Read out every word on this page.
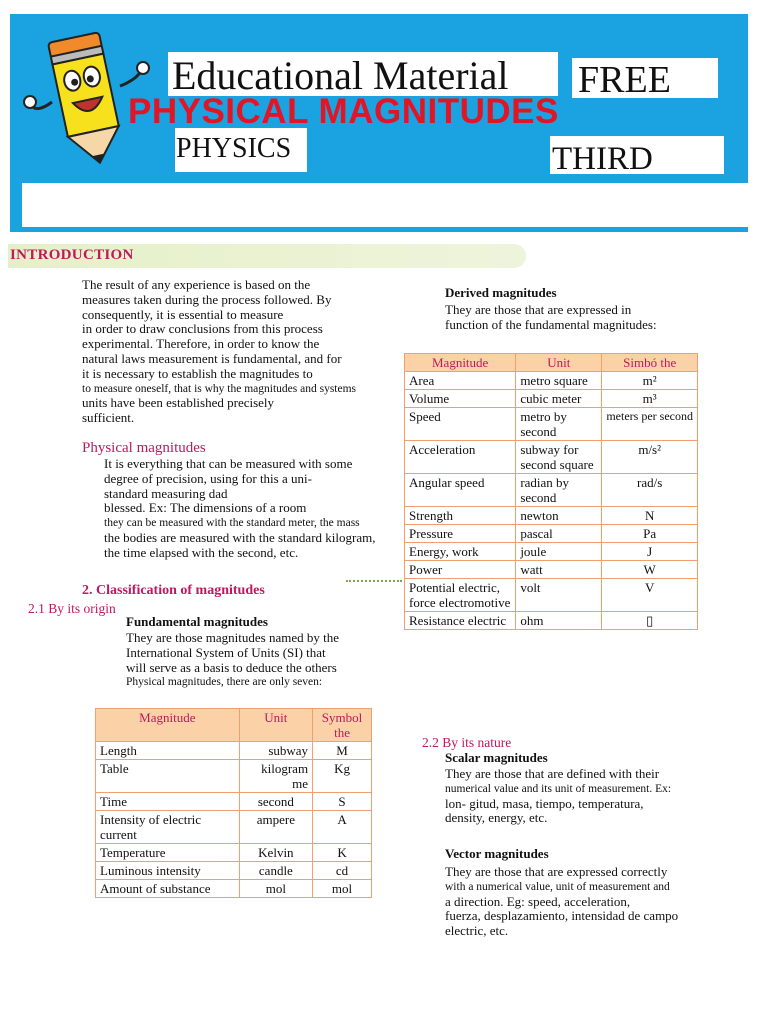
Educational Material FREE
PHYSICAL MAGNITUDES
PHYSICS	THIRD
INTRODUCTION
The result of any experience is based on the
measures taken during the process followed. By
consequently, it is essential to measure
in order to draw conclusions from this process
experimental. Therefore, in order to know the
natural laws measurement is fundamental, and for
it is necessary to establish the magnitudes to
to measure oneself, that is why the magnitudes and systems
units have been established precisely
sufficient.
Physical magnitudes
It is everything that can be measured with some
degree of precision, using for this a uni-
standard measuring dad
blessed. Ex: The dimensions of a room
they can be measured with the standard meter, the mass
the bodies are measured with the standard kilogram,
the time elapsed with the second, etc.
2. Classification of magnitudes
2.1 By its origin
Fundamental magnitudes
They are those magnitudes named by the
International System of Units (SI) that
will serve as a basis to deduce the others
Physical magnitudes, there are only seven:
Magnitude	Unit	Symbol the
Length	subway	M
Table	kilogram me	Kg
Time	second	S
Intensity of electric current	ampere	A
Temperature	Kelvin	K
Luminous intensity	candle	cd
Amount of substance	mol	mol
Derived magnitudes
They are those that are expressed in
function of the fundamental magnitudes:
Magnitude	Unit	Simbó the
Area	metro square	m²
Volume	cubic meter	m³
Speed	metro by second	meters per second
Acceleration	subway for second square	m/s²
Angular speed	radian by second	rad/s
Strength	newton	N
Pressure	pascal	Pa
Energy, work	joule	J
Power	watt	W
Potential electric, force electromotive	volt	V
Resistance electric	ohm	▯
2.2 By its nature
Scalar magnitudes
They are those that are defined with their
numerical value and its unit of measurement. Ex:
lon- gitud, masa, tiempo, temperatura,
density, energy, etc.
Vector magnitudes
They are those that are expressed correctly
with a numerical value, unit of measurement and
a direction. Eg: speed, acceleration,
fuerza, desplazamiento, intensidad de campo
electric, etc.
